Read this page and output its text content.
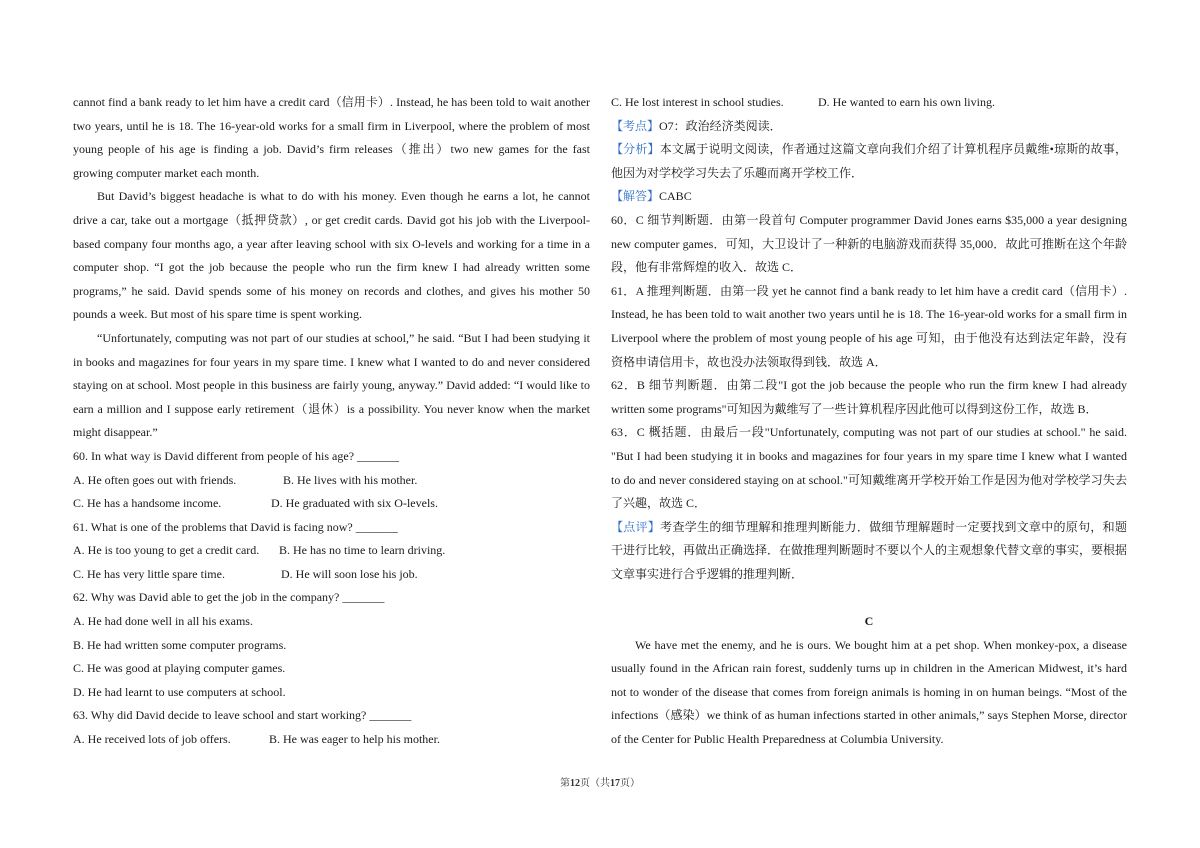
cannot find a bank ready to let him have a credit card（信用卡）. Instead, he has been told to wait another two years, until he is 18. The 16-year-old works for a small firm in Liverpool, where the problem of most young people of his age is finding a job. David’s firm releases（推出）two new games for the fast growing computer market each month.

But David’s biggest headache is what to do with his money. Even though he earns a lot, he cannot drive a car, take out a mortgage（抵押贷款）, or get credit cards. David got his job with the Liverpool-based company four months ago, a year after leaving school with six O-levels and working for a time in a computer shop. “I got the job because the people who run the firm knew I had already written some programs,” he said. David spends some of his money on records and clothes, and gives his mother 50 pounds a week. But most of his spare time is spent working.

“Unfortunately, computing was not part of our studies at school,” he said. “But I had been studying it in books and magazines for four years in my spare time. I knew what I wanted to do and never considered staying on at school. Most people in this business are fairly young, anyway.” David added: “I would like to earn a million and I suppose early retirement（退休）is a possibility. You never know when the market might disappear.”

60. In what way is David different from people of his age? _______

A. He often goes out with friends.	B. He lives with his mother.
C. He has a handsome income.	D. He graduated with six O-levels.

61. What is one of the problems that David is facing now? _______

A. He is too young to get a credit card.	B. He has no time to learn driving.
C. He has very little spare time.	D. He will soon lose his job.

62. Why was David able to get the job in the company? _______

A. He had done well in all his exams.

B. He had written some computer programs.

C. He was good at playing computer games.

D. He had learnt to use computers at school.

63. Why did David decide to leave school and start working? _______

A. He received lots of job offers.	B. He was eager to help his mother.
C. He lost interest in school studies.	D. He wanted to earn his own living.

【考点】O7：政治经济类阅读．

【分析】本文属于说明文阅读，作者通过这篇文章向我们介绍了计算机程序员戴维•琼斯的故事，他因为对学校学习失去了乐趣而离开学校工作．

【解答】CABC

60．C 细节判断题．由第一段首句 Computer programmer David Jones earns $35,000 a year designing new computer games．可知，大卫设计了一种新的电脑游戏而获得 35,000．故此可推断在这个年龄段，他有非常辉煌的收入．故选 C．

61．A 推理判断题．由第一段 yet he cannot find a bank ready to let him have a credit card（信用卡）. Instead, he has been told to wait another two years until he is 18. The 16-year-old works for a small firm in Liverpool where the problem of most young people of his age 可知，由于他没有达到法定年龄，没有资格申请信用卡，故也没办法领取得到钱．故选 A．

62．B 细节判断题．由第二段"I got the job because the people who run the firm knew I had already written some programs"可知因为戴维写了一些计算机程序因此他可以得到这份工作，故选 B．

63．C 概括题．由最后一段"Unfortunately, computing was not part of our studies at school." he said. "But I had been studying it in books and magazines for four years in my spare time I knew what I wanted to do and never considered staying on at school."可知戴维离开学校开始工作是因为他对学校学习失去了兴趣，故选 C．

【点评】考查学生的细节理解和推理判断能力．做细节理解题时一定要找到文章中的原句，和题干进行比较，再做出正确选择．在做推理判断题时不要以个人的主观想象代替文章的事实，要根据文章事实进行合乎逻辑的推理判断．

C

We have met the enemy, and he is ours. We bought him at a pet shop. When monkey-pox, a disease usually found in the African rain forest, suddenly turns up in children in the American Midwest, it’s hard not to wonder of the disease that comes from foreign animals is homing in on human beings. “Most of the infections（感染）we think of as human infections started in other animals,” says Stephen Morse, director of the Center for Public Health Preparedness at Columbia University.

第12页（共17页）
